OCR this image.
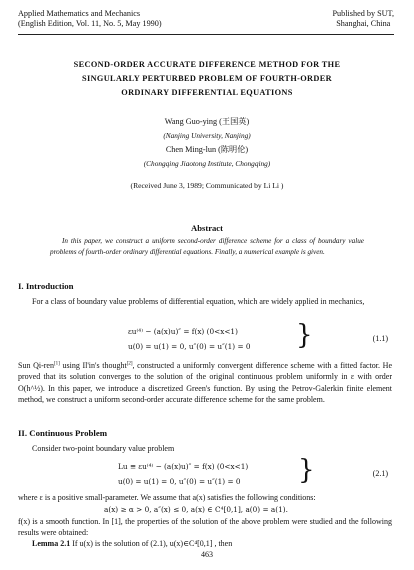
Applied Mathematics and Mechanics
(English Edition, Vol. 11, No. 5, May 1990)
Published by SUT,
Shanghai, China
SECOND-ORDER ACCURATE DIFFERENCE METHOD FOR THE
SINGULARLY PERTURBED PROBLEM OF FOURTH-ORDER
ORDINARY DIFFERENTIAL EQUATIONS
Wang Guo-ying (王国英)
(Nanjing University, Nanjing)
Chen Ming-lun (陈明伦)
(Chongqing Jiaotong Institute, Chongqing)
(Received June 3, 1989; Communicated by Li Li )
Abstract
In this paper, we construct a uniform second-order difference scheme for a class of boundary value problems of fourth-order ordinary differential equations. Finally, a numerical example is given.
I. Introduction
For a class of boundary value problems of differential equation, which are widely applied in mechanics,
εu⁽⁴⁾ − (a(x)u)″ = f(x) (0<x<1)
u(0) = u(1) = 0, u″(0) = u″(1) = 0 }	(1.1)
Sun Qi-ren[1] using Il'in's thought[2], constructed a uniformly convergent difference scheme with a fitted factor. He proved that its solution converges to the solution of the original continuous problem uniformly in ε with order O(h^½). In this paper, we introduce a discretized Green's function. By using the Petrov-Galerkin finite element method, we construct a uniform second-order accurate difference scheme for the same problem.
II. Continuous Problem
Consider two-point boundary value problem
Lu ≡ εu⁽⁴⁾ − (a(x)u)″ = f(x) (0<x<1)
u(0) = u(1) = 0, u″(0) = u″(1) = 0 }	(2.1)
where ε is a positive small-parameter. We assume that a(x) satisfies the following conditions:
a(x) ≥ α > 0, a″(x) ≤ 0, a(x) ∈ C⁴[0,1], a(0) = a(1).
f(x) is a smooth function. In [1], the properties of the solution of the above problem were studied and the following results were obtained:
Lemma 2.1 If u(x) is the solution of (2.1), u(x)∈C⁴[0,1] , then
463
